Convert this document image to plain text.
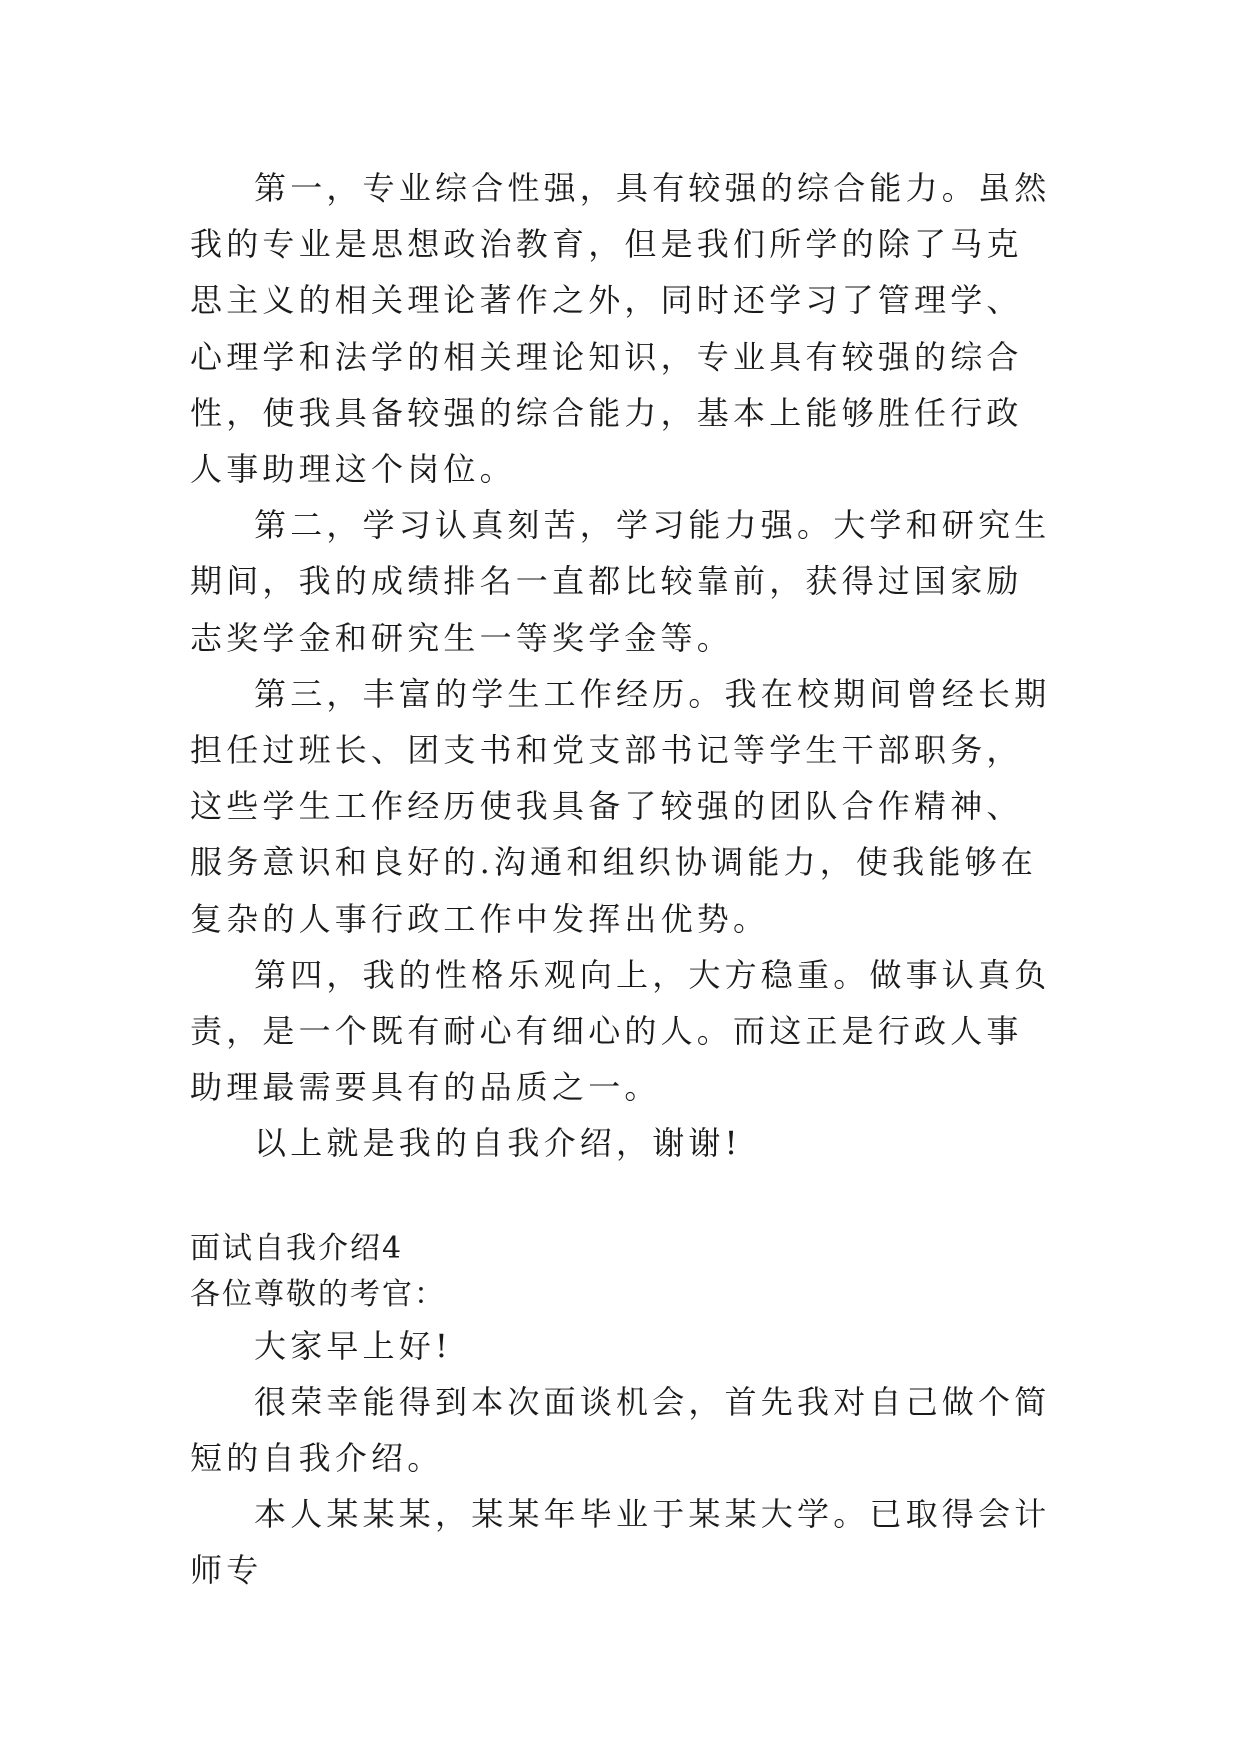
第一，专业综合性强，具有较强的综合能力。虽然我的专业是思想政治教育，但是我们所学的除了马克思主义的相关理论著作之外，同时还学习了管理学、心理学和法学的相关理论知识，专业具有较强的综合性，使我具备较强的综合能力，基本上能够胜任行政人事助理这个岗位。

第二，学习认真刻苦，学习能力强。大学和研究生期间，我的成绩排名一直都比较靠前，获得过国家励志奖学金和研究生一等奖学金等。

第三，丰富的学生工作经历。我在校期间曾经长期担任过班长、团支书和党支部书记等学生干部职务，这些学生工作经历使我具备了较强的团队合作精神、服务意识和良好的.沟通和组织协调能力，使我能够在复杂的人事行政工作中发挥出优势。

第四，我的性格乐观向上，大方稳重。做事认真负责，是一个既有耐心有细心的人。而这正是行政人事助理最需要具有的品质之一。

以上就是我的自我介绍，谢谢!

面试自我介绍4

各位尊敬的考官：

大家早上好!

很荣幸能得到本次面谈机会，首先我对自己做个简短的自我介绍。

本人某某某，某某年毕业于某某大学。已取得会计师专
